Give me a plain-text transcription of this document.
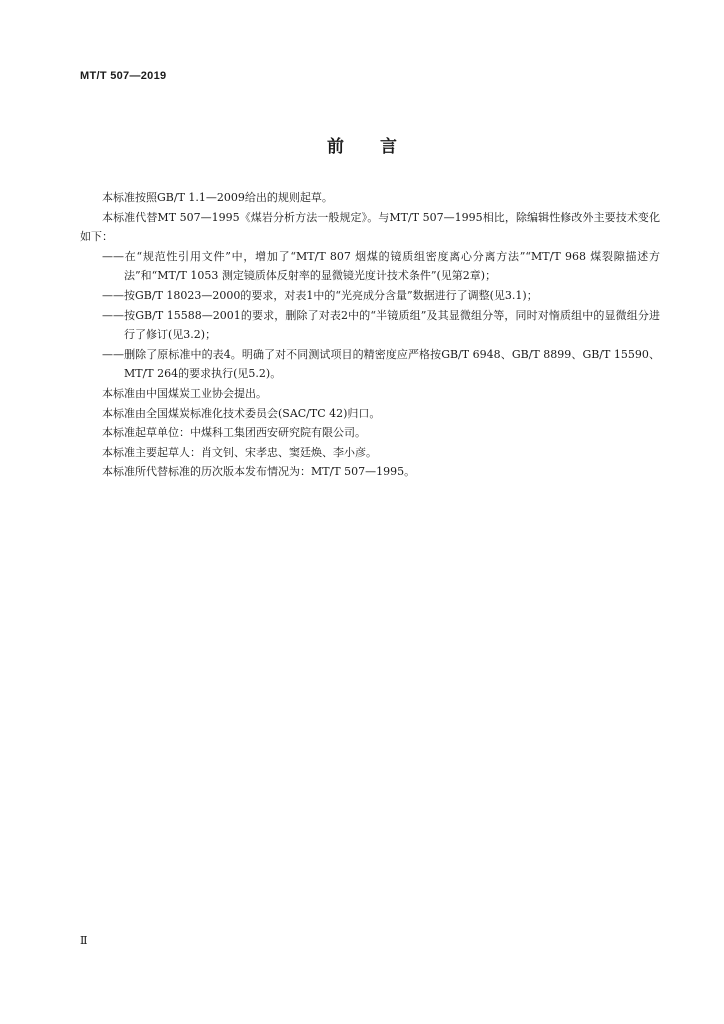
MT/T 507—2019
前言

本标准按照GB/T 1.1—2009给出的规则起草。

本标准代替MT 507—1995《煤岩分析方法一般规定》。与MT/T 507—1995相比，除编辑性修改外主要技术变化如下：

——在“规范性引用文件”中，增加了“MT/T 807 烟煤的镜质组密度离心分离方法”“MT/T 968 煤裂隙描述方法”和“MT/T 1053 测定镜质体反射率的显微镜光度计技术条件”(见第2章)；

——按GB/T 18023—2000的要求，对表1中的“光亮成分含量”数据进行了调整(见3.1)；

——按GB/T 15588—2001的要求，删除了对表2中的“半镜质组”及其显微组分等，同时对惰质组中的显微组分进行了修订(见3.2)；

——删除了原标准中的表4。明确了对不同测试项目的精密度应严格按GB/T 6948、GB/T 8899、GB/T 15590、MT/T 264的要求执行(见5.2)。

本标准由中国煤炭工业协会提出。

本标准由全国煤炭标准化技术委员会(SAC/TC 42)归口。

本标准起草单位：中煤科工集团西安研究院有限公司。

本标准主要起草人：肖文钊、宋孝忠、窦廷焕、李小彦。

本标准所代替标准的历次版本发布情况为：MT/T 507—1995。

Ⅱ
